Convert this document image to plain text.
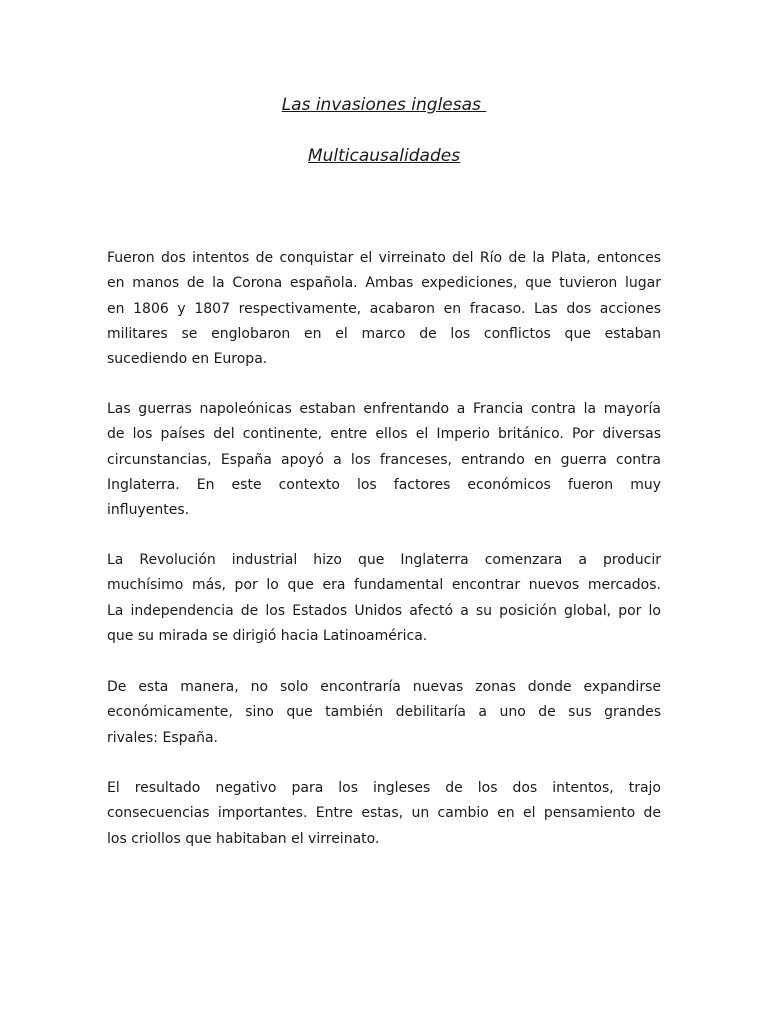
Las invasiones inglesas
Multicausalidades
Fueron dos intentos de conquistar el virreinato del Río de la Plata, entonces
en manos de la Corona española. Ambas expediciones, que tuvieron lugar
en 1806 y 1807 respectivamente, acabaron en fracaso. Las dos acciones
militares se englobaron en el marco de los conflictos que estaban
sucediendo en Europa.
Las guerras napoleónicas estaban enfrentando a Francia contra la mayoría
de los países del continente, entre ellos el Imperio británico. Por diversas
circunstancias, España apoyó a los franceses, entrando en guerra contra
Inglaterra. En este contexto los factores económicos fueron muy
influyentes.
La Revolución industrial hizo que Inglaterra comenzara a producir
muchísimo más, por lo que era fundamental encontrar nuevos mercados.
La independencia de los Estados Unidos afectó a su posición global, por lo
que su mirada se dirigió hacia Latinoamérica.
De esta manera, no solo encontraría nuevas zonas donde expandirse
económicamente, sino que también debilitaría a uno de sus grandes
rivales: España.
El resultado negativo para los ingleses de los dos intentos, trajo
consecuencias importantes. Entre estas, un cambio en el pensamiento de
los criollos que habitaban el virreinato.
